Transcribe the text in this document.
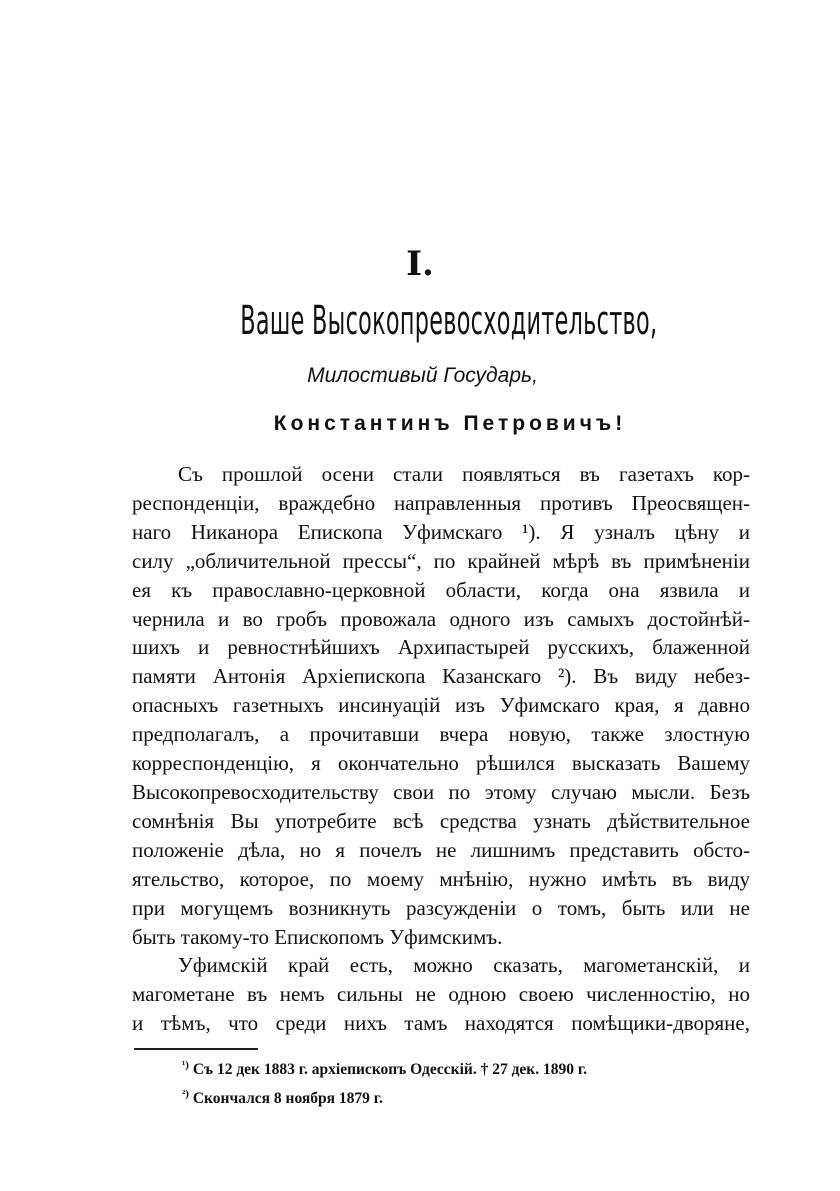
I.
Ваше Высокопревосходительство,
Милостивый Государь,
Константинъ Петровичъ!
Съ прошлой осени стали появляться въ газетахъ кор-
респонденціи, враждебно направленныя противъ Преосвящен-
наго Никанора Епископа Уфимскаго ¹). Я узналъ цѣну и
силу „обличительной прессы“, по крайней мѣрѣ въ примѣненіи
ея къ православно-церковной области, когда она язвила и
чернила и во гробъ провожала одного изъ самыхъ достойнѣй-
шихъ и ревностнѣйшихъ Архипастырей русскихъ, блаженной
памяти Антонія Архіепископа Казанскаго ²). Въ виду небез-
опасныхъ газетныхъ инсинуацій изъ Уфимскаго края, я давно
предполагалъ, а прочитавши вчера новую, также злостную
корреспонденцію, я окончательно рѣшился высказать Вашему
Высокопревосходительству свои по этому случаю мысли. Безъ
сомнѣнія Вы употребите всѣ средства узнать дѣйствительное
положеніе дѣла, но я почелъ не лишнимъ представить обсто-
ятельство, которое, по моему мнѣнію, нужно имѣть въ виду
при могущемъ возникнуть разсужденіи о томъ, быть или не
быть такому-то Епископомъ Уфимскимъ.
Уфимскій край есть, можно сказать, магометанскій, и
магометане въ немъ сильны не одною своею численностію, но
и тѣмъ, что среди нихъ тамъ находятся помѣщики-дворяне,
$^{^1)}$ Съ 12 дек 1883 г. архіепископъ Одесскій. † 27 дек. 1890 г.
$^{^2)}$ Скончался 8 ноября 1879 г.
